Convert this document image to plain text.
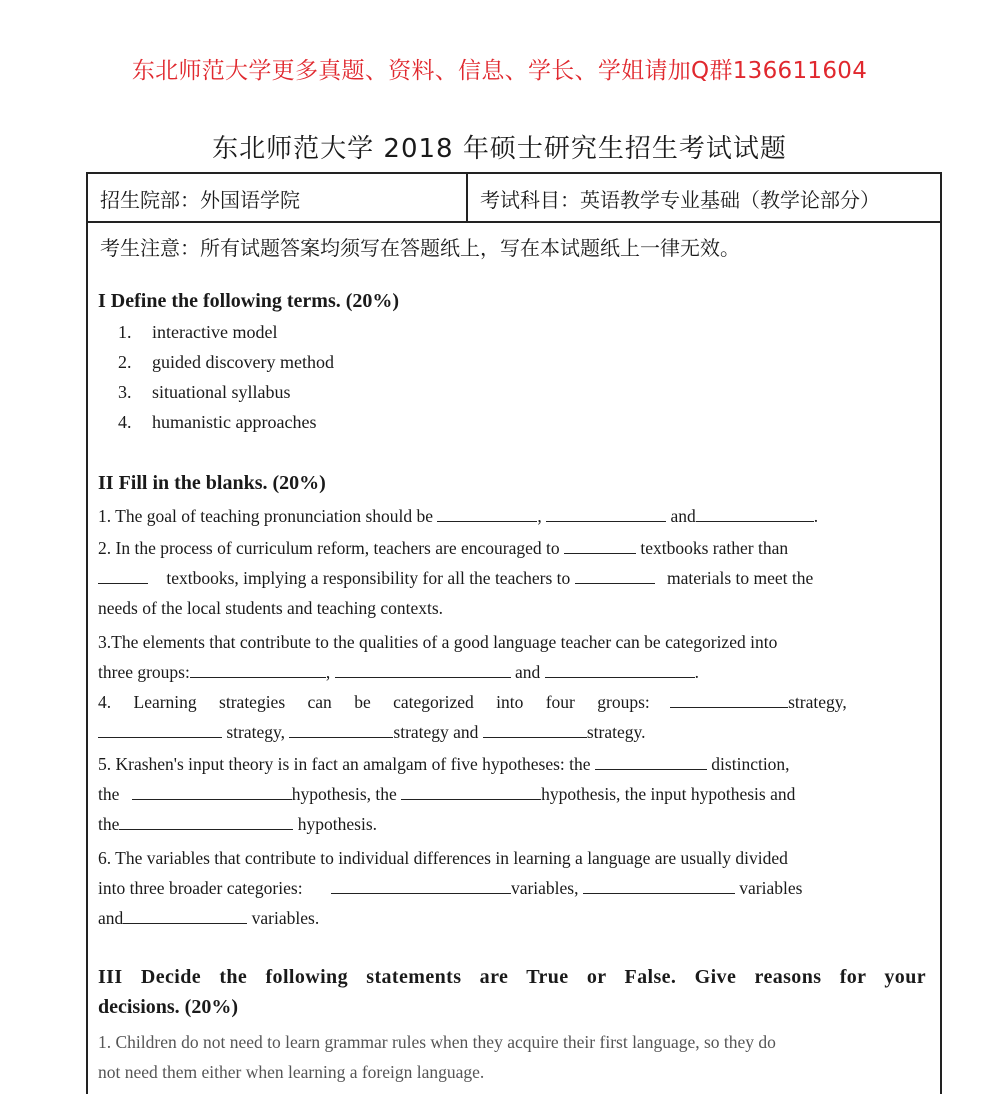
东北师范大学更多真题、资料、信息、学长、学姐请加Q群136611604
东北师范大学 2018 年硕士研究生招生考试试题
招生院部：外国语学院	考试科目：英语教学专业基础（教学论部分）
考生注意：所有试题答案均须写在答题纸上，写在本试题纸上一律无效。
I Define the following terms. (20%)
1. interactive model
2. guided discovery method
3. situational syllabus
4. humanistic approaches
II Fill in the blanks. (20%)
1. The goal of teaching pronunciation should be	,	and	.
2. In the process of curriculum reform, teachers are encouraged to	textbooks rather than
textbooks, implying a responsibility for all the teachers to	materials to meet the
needs of the local students and teaching contexts.
3.The elements that contribute to the qualities of a good language teacher can be categorized into
three groups:	,	and	.
4. Learning strategies can be categorized into four groups:	strategy,
strategy,	strategy and	strategy.
5. Krashen's input theory is in fact an amalgam of five hypotheses: the	distinction,
the	hypothesis, the	hypothesis, the input hypothesis and
the	hypothesis.
6. The variables that contribute to individual differences in learning a language are usually divided
into three broader categories:	variables,	variables
and	variables.
III Decide the following statements are True or False. Give reasons for your
decisions. (20%)
1. Children do not need to learn grammar rules when they acquire their first language, so they do
not need them either when learning a foreign language.
